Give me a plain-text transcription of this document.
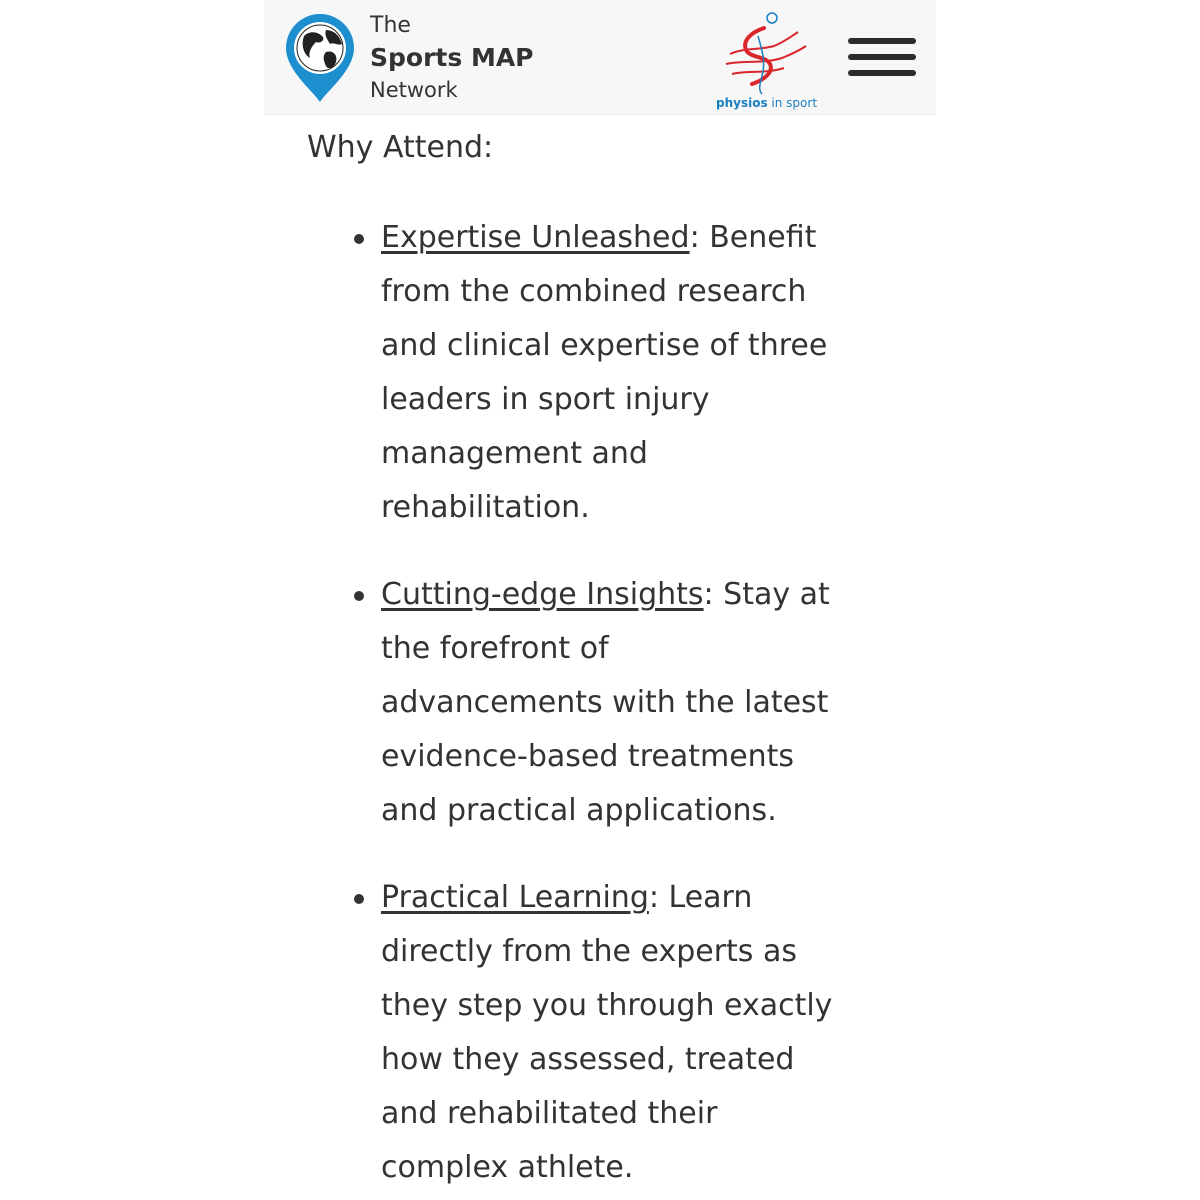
The
Sports MAP
Network
physios in sport
Why Attend:
Expertise Unleashed: Benefit
from the combined research
and clinical expertise of three
leaders in sport injury
management and
rehabilitation.
Cutting-edge Insights: Stay at
the forefront of
advancements with the latest
evidence-based treatments
and practical applications.
Practical Learning: Learn
directly from the experts as
they step you through exactly
how they assessed, treated
and rehabilitated their
complex athlete.
